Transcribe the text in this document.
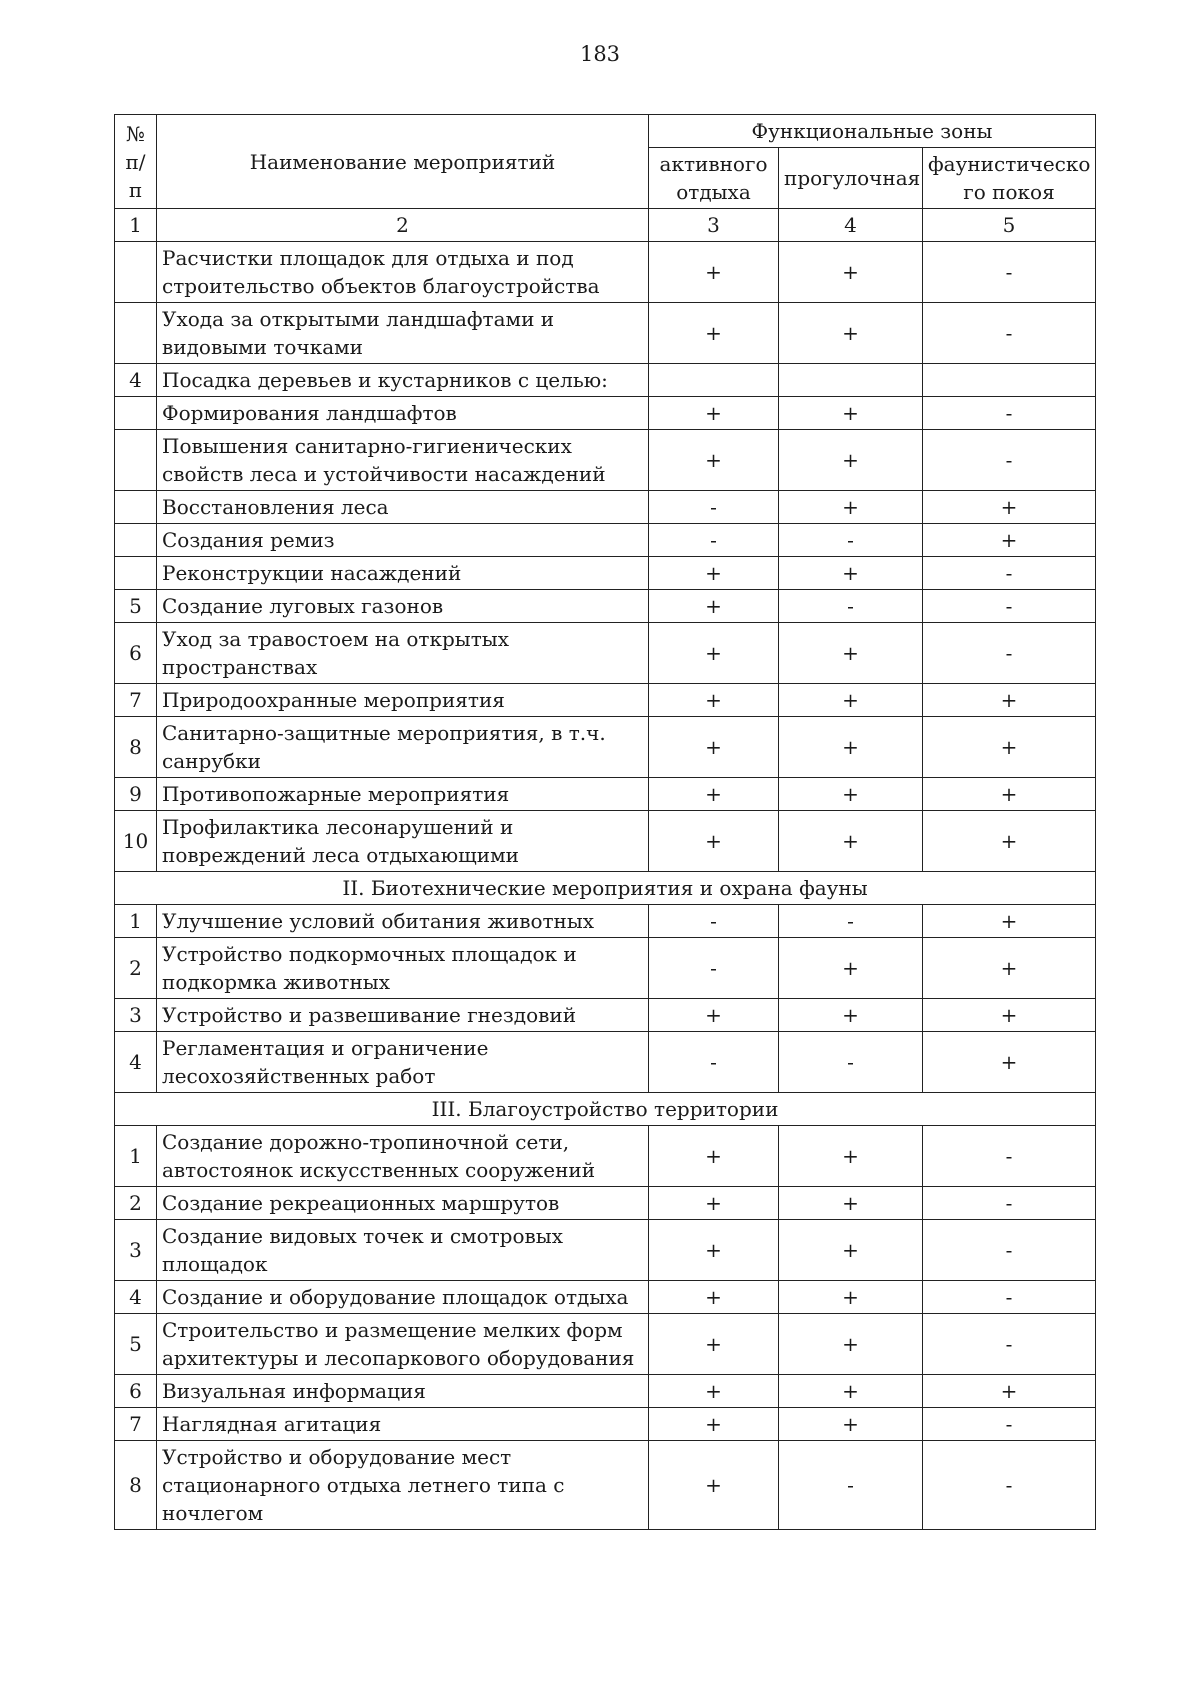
183
№ п/п	Наименование мероприятий	Функциональные зоны		
		активного отдыха	прогулочная	фаунистическо го покоя
1	2	3	4	5
	Расчистки площадок для отдыха и под строительство объектов благоустройства	+	+	-
	Ухода за открытыми ландшафтами и видовыми точками	+	+	-
4	Посадка деревьев и кустарников с целью:			
	Формирования ландшафтов	+	+	-
	Повышения санитарно-гигиенических свойств леса и устойчивости насаждений	+	+	-
	Восстановления леса	-	+	+
	Создания ремиз	-	-	+
	Реконструкции насаждений	+	+	-
5	Создание луговых газонов	+	-	-
6	Уход за травостоем на открытых пространствах	+	+	-
7	Природоохранные мероприятия	+	+	+
8	Санитарно-защитные мероприятия, в т.ч. санрубки	+	+	+
9	Противопожарные мероприятия	+	+	+
10	Профилактика лесонарушений и повреждений леса отдыхающими	+	+	+
II. Биотехнические мероприятия и охрана фауны				
1	Улучшение условий обитания животных	-	-	+
2	Устройство подкормочных площадок и подкормка животных	-	+	+
3	Устройство и развешивание гнездовий	+	+	+
4	Регламентация и ограничение лесохозяйственных работ	-	-	+
III. Благоустройство территории				
1	Создание дорожно-тропиночной сети, автостоянок искусственных сооружений	+	+	-
2	Создание рекреационных маршрутов	+	+	-
3	Создание видовых точек и смотровых площадок	+	+	-
4	Создание и оборудование площадок отдыха	+	+	-
5	Строительство и размещение мелких форм архитектуры и лесопаркового оборудования	+	+	-
6	Визуальная информация	+	+	+
7	Наглядная агитация	+	+	-
8	Устройство и оборудование мест стационарного отдыха летнего типа с ночлегом	+	-	-
